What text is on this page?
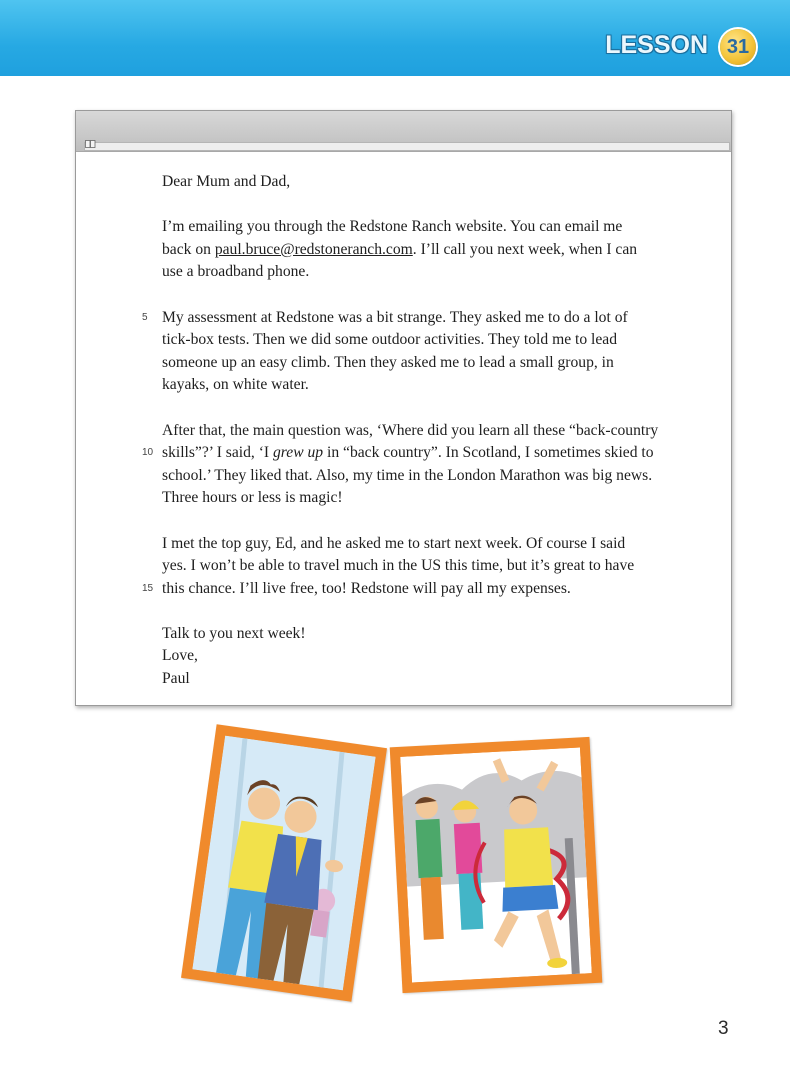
LESSON 31

Dear Mum and Dad,

I’m emailing you through the Redstone Ranch website. You can email me
back on paul.bruce@redstoneranch.com. I’ll call you next week, when I can
use a broadband phone.

5 My assessment at Redstone was a bit strange. They asked me to do a lot of
tick-box tests. Then we did some outdoor activities. They told me to lead
someone up an easy climb. Then they asked me to lead a small group, in
kayaks, on white water.

After that, the main question was, ‘Where did you learn all these “back-country
10 skills”?’ I said, ‘I grew up in “back country”. In Scotland, I sometimes skied to
school.’ They liked that. Also, my time in the London Marathon was big news.
Three hours or less is magic!

I met the top guy, Ed, and he asked me to start next week. Of course I said
yes. I won’t be able to travel much in the US this time, but it’s great to have
15 this chance. I’ll live free, too! Redstone will pay all my expenses.

Talk to you next week!
Love,
Paul

3
